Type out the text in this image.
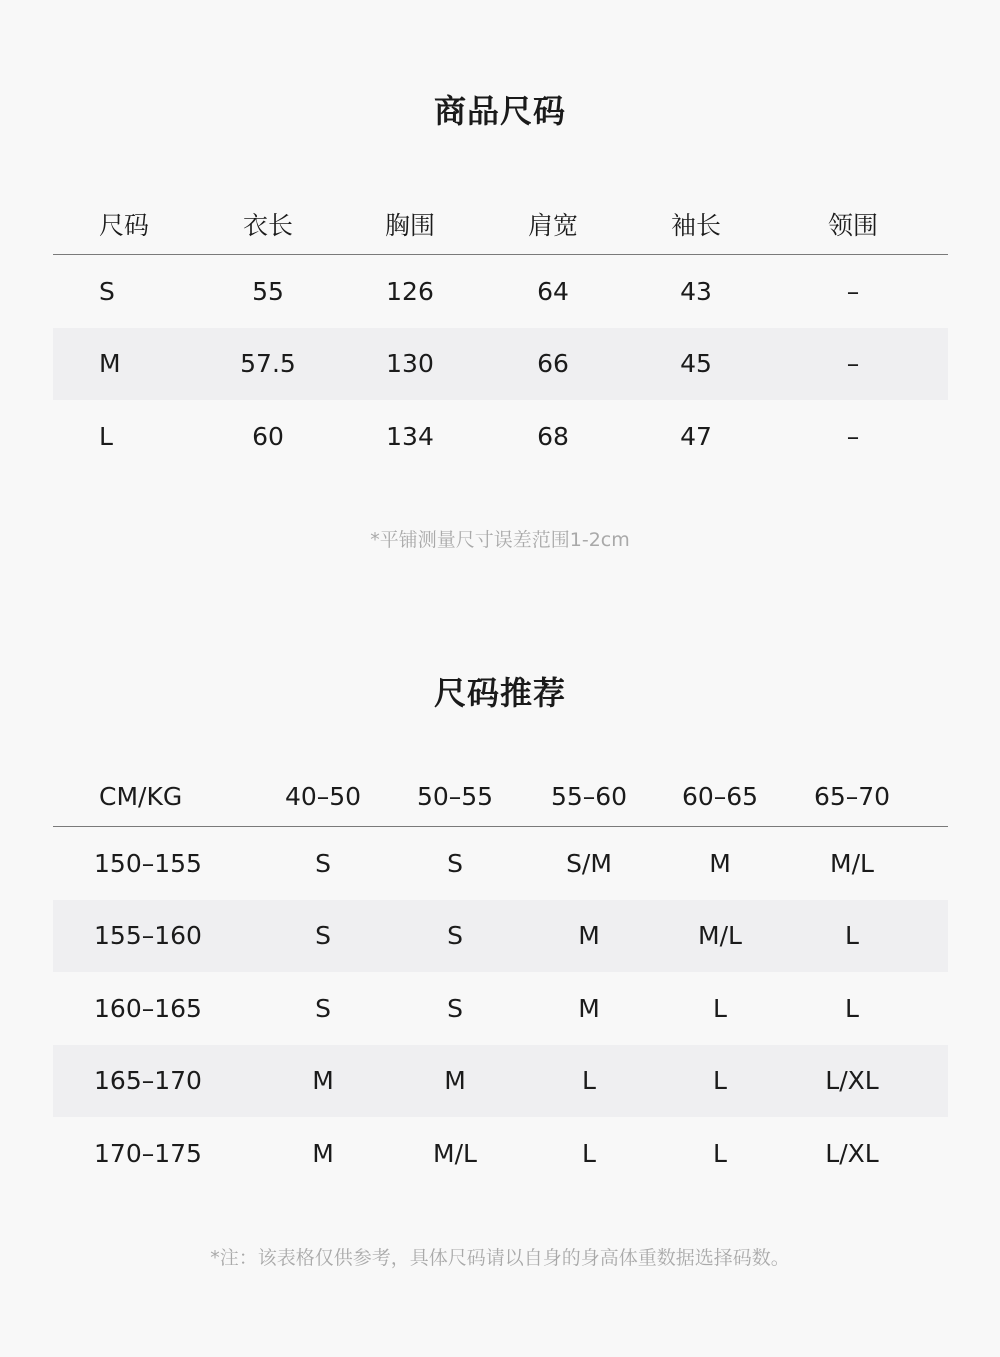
商品尺码
尺码	衣长	胸围	肩宽	袖长	领围
S	55	126	64	43	–
M	57.5	130	66	45	–
L	60	134	68	47	–
*平铺测量尺寸误差范围1-2cm
尺码推荐
CM/KG	40–50	50–55	55–60	60–65	65–70
150–155	S	S	S/M	M	M/L
155–160	S	S	M	M/L	L
160–165	S	S	M	L	L
165–170	M	M	L	L	L/XL
170–175	M	M/L	L	L	L/XL
*注：该表格仅供参考，具体尺码请以自身的身高体重数据选择码数。
